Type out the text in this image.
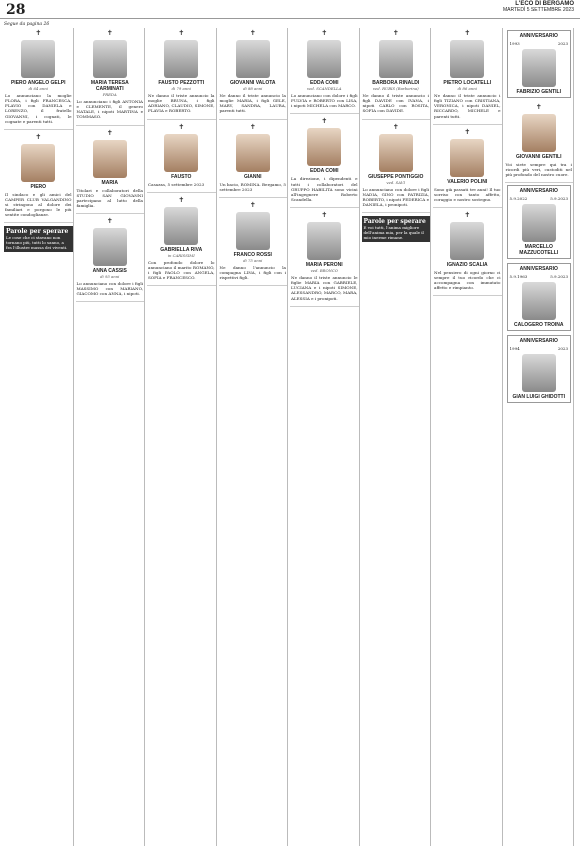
28	L'ECO DI BERGAMO
MARTEDÌ 5 SETTEMBRE 2023
Segue da pagina 26
✝
PIERO ANGELO GELPI
di 64 anni
Lo annunciano la moglie FLORA, i figli FRANCESCA, FLAVIO con DANIELA e LORENZO, il fratello GIOVANNI, i cognati, le cognate e parenti tutti.
✝
PIERO
Il sindaco e gli amici del CAMPER CLUB VALGANDINO si stringono al dolore dei familiari e porgono le più sentite condoglianze.
Parole per sperare
Le cose che ci stavano non tornano più, tutti lo sanno, a fra l'illustre massa dei viventi.
✝
MARIA TERESA CARMINATI
PREDA
Lo annunciano i figli ANTONIA e CLEMENTE, il genero NATALE, i nipoti MARTINA e TOMMASO.
✝
MARIA
Titolari e collaboratori della STUDIO SAN GIOVANNI partecipano al lutto della famiglia.
✝
ANNA CASSIS
di 93 anni
Lo annunciano con dolore i figli MASSIMO con MARIANO, GIACOMO con ANNA, i nipoti.
✝
FAUSTO PEZZOTTI
di 79 anni
Ne danno il triste annuncio la moglie BRUNA, i figli ADRIANO, CLAUDIO, SIMONE, FLAVIA e ROBERTO.
✝
FAUSTO
Casazza, 5 settembre 2023
✝
GABRIELLA RIVA
in CARISSIMI
Con profondo dolore lo annunciano il marito ROMANO, i figli PAOLO con ANGELA, SOFIA e FRANCESCO.
✝
GIOVANNI VALOTA
di 88 anni
Ne danno il triste annuncio la moglie MARIA, i figli GELE, MARY, SANDRA, LAURA, parenti tutti.
✝
GIANNI
Un bacio, ROMINA. Bergamo, 5 settembre 2023
✝
FRANCO ROSSI
di 75 anni
Ne danno l'annuncio la compagna LINA, i figli con i rispettivi figli.
✝
EDDA COMI
ved. SCANDELLA
Lo annunciano con dolore i figli FULVIA e ROBERTO con LISA, i nipoti MICHELA con MARCO.
✝
EDDA COMI
La direzione, i dipendenti e tutti i collaboratori del GRUPPO HABILITA sono vicini all'ingegnere Roberto Scandella.
✝
MARIA PERONI
ved. BRONCO
Ne danno il triste annuncio le figlie MARIA con GABRIELE, LUCIANA e i nipoti SIMONE, ALESSANDRO, MARCO, MARA, ALESSIA e i pronipoti.
✝
BARBORA RINALDI
ved. RUBIS (Barborina)
Ne danno il triste annuncio i figli DAVIDE con IVANA, i nipoti CARLO con ROSITA, SOFIA con DAVIDE.
✝
GIUSEPPE PONTIGGIO
ved. SAVI
Lo annunciano con dolore i figli NADIA, GINO con PATRIZIA, ROBERTO, i nipoti FEDERICA e DANIELA, i pronipoti.
Parole per sperare
E voi tutti, l'anima migliore dell'anima mia, per la quale il mio inerme rimane.
✝
PIETRO LOCATELLI
di 86 anni
Ne danno il triste annuncio i figli TIZIANO con CRISTIANA, VERONICA, i nipoti DANIEL, RICCARDO, MICHELE e parenti tutti.
✝
VALERIO POLINI
Sono già passati tre anni! Il tuo sorriso con tanto affetto, coraggio e nostro sostegno.
✝
IGNAZIO SCALIA
Nel pensiero di ogni giorno ci sempre il tuo ricordo che ci accompagna con immutato affetto e rimpianto.
ANNIVERSARIO
1993	2023
FABRIZIO GENTILI
✝
GIOVANNI GENTILI
Voi siete sempre qui tra i ricordi più veri, custoditi nel più profondo del nostro cuore.
ANNIVERSARIO
5.9.2022	5.9.2023
MARCELLO MAZZUCOTELLI
ANNIVERSARIO
5.9.1963	5.9.2023
CALOGERO TROINA
ANNIVERSARIO
1994	2023
GIAN LUIGI GHIDOTTI
